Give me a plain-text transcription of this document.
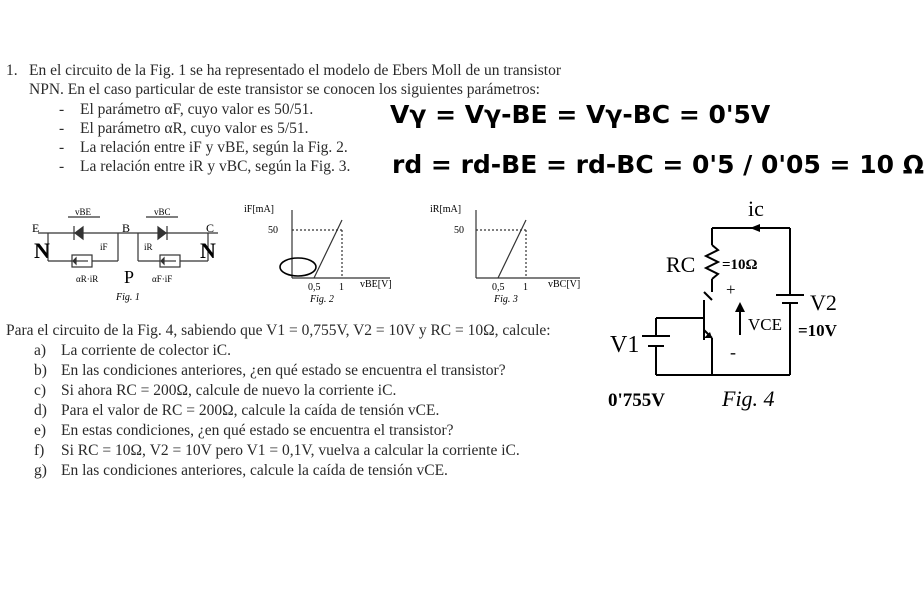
1. En el circuito de la Fig. 1 se ha representado el modelo de Ebers Moll de un transistor
NPN. En el caso particular de este transistor se conocen los siguientes parámetros:
- El parámetro αF, cuyo valor es 50/51.
- El parámetro αR, cuyo valor es 5/51.
- La relación entre iF y vBE, según la Fig. 2.
- La relación entre iR y vBC, según la Fig. 3.
Vγ = Vγ-BE = Vγ-BC = 0'5V
rd = rd-BE = rd-BC = 0'5 / 0'05 = 10 Ω
E	B	C
vBE	vBC
iF	iR
αR·iR	αF·iF
Fig. 1
N	N
P
iF[mA]
50
0,5 1 vBE[V]
Fig. 2
iR[mA]
50
0,5 1 vBC[V]
Fig. 3
ic
RC =10Ω
V2
=10V
VCE
+
-
V1
0'755V	Fig. 4
Para el circuito de la Fig. 4, sabiendo que V1 = 0,755V, V2 = 10V y RC = 10Ω, calcule:
a) La corriente de colector iC.
b) En las condiciones anteriores, ¿en qué estado se encuentra el transistor?
c) Si ahora RC = 200Ω, calcule de nuevo la corriente iC.
d) Para el valor de RC = 200Ω, calcule la caída de tensión vCE.
e) En estas condiciones, ¿en qué estado se encuentra el transistor?
f) Si RC = 10Ω, V2 = 10V pero V1 = 0,1V, vuelva a calcular la corriente iC.
g) En las condiciones anteriores, calcule la caída de tensión vCE.
